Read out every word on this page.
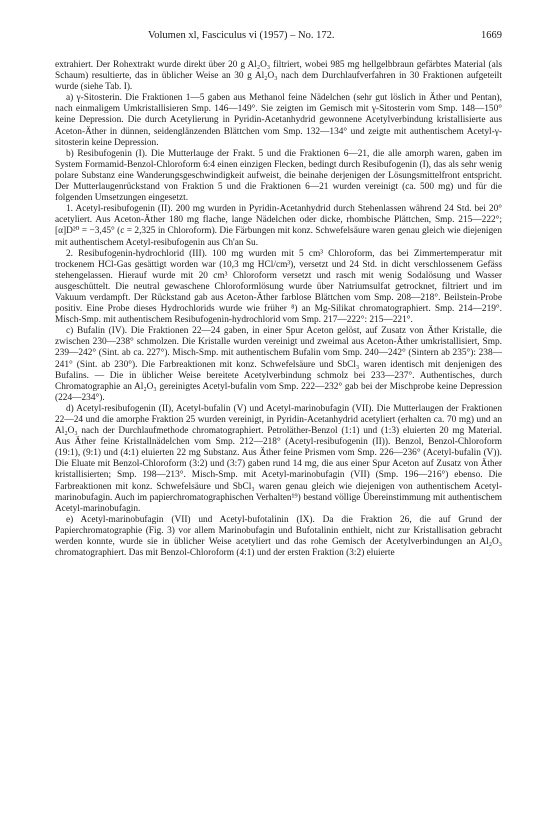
Volumen xl, Fasciculus vi (1957) – No. 172.	1669

extrahiert. Der Rohextrakt wurde direkt über 20 g Al₂O₃ filtriert, wobei 985 mg hellgelbbraun gefärbtes Material (als Schaum) resultierte, das in üblicher Weise an 30 g Al₂O₃ nach dem Durchlaufverfahren in 30 Fraktionen aufgeteilt wurde (siehe Tab. I).

a) γ-Sitosterin. Die Fraktionen 1—5 gaben aus Methanol feine Nädelchen (sehr gut löslich in Äther und Pentan), nach einmaligem Umkristallisieren Smp. 146—149°. Sie zeigten im Gemisch mit γ-Sitosterin vom Smp. 148—150° keine Depression. Die durch Acetylierung in Pyridin-Acetanhydrid gewonnene Acetylverbindung kristallisierte aus Aceton-Äther in dünnen, seidenglänzenden Blättchen vom Smp. 132—134° und zeigte mit authentischem Acetyl-γ-sitosterin keine Depression.

b) Resibufogenin (I). Die Mutterlauge der Frakt. 5 und die Fraktionen 6—21, die alle amorph waren, gaben im System Formamid-Benzol-Chloroform 6:4 einen einzigen Flecken, bedingt durch Resibufogenin (I), das als sehr wenig polare Substanz eine Wanderungsgeschwindigkeit aufweist, die beinahe derjenigen der Lösungsmittelfront entspricht. Der Mutterlaugenrückstand von Fraktion 5 und die Fraktionen 6—21 wurden vereinigt (ca. 500 mg) und für die folgenden Umsetzungen eingesetzt.

1. Acetyl-resibufogenin (II). 200 mg wurden in Pyridin-Acetanhydrid durch Stehenlassen während 24 Std. bei 20° acetyliert. Aus Aceton-Äther 180 mg flache, lange Nädelchen oder dicke, rhombische Plättchen, Smp. 215—222°; [α]D²⁰ = −3,45° (c = 2,325 in Chloroform). Die Färbungen mit konz. Schwefelsäure waren genau gleich wie diejenigen mit authentischem Acetyl-resibufogenin aus Ch'an Su.

2. Resibufogenin-hydrochlorid (III). 100 mg wurden mit 5 cm³ Chloroform, das bei Zimmertemperatur mit trockenem HCl-Gas gesättigt worden war (10,3 mg HCl/cm³), versetzt und 24 Std. in dicht verschlossenem Gefäss stehengelassen. Hierauf wurde mit 20 cm³ Chloroform versetzt und rasch mit wenig Sodalösung und Wasser ausgeschüttelt. Die neutral gewaschene Chloroformlösung wurde über Natriumsulfat getrocknet, filtriert und im Vakuum verdampft. Der Rückstand gab aus Aceton-Äther farblose Blättchen vom Smp. 208—218°. Beilstein-Probe positiv. Eine Probe dieses Hydrochlorids wurde wie früher ⁸) an Mg-Silikat chromatographiert. Smp. 214—219°. Misch-Smp. mit authentischem Resibufogenin-hydrochlorid vom Smp. 217—222°: 215—221°.

c) Bufalin (IV). Die Fraktionen 22—24 gaben, in einer Spur Aceton gelöst, auf Zusatz von Äther Kristalle, die zwischen 230—238° schmolzen. Die Kristalle wurden vereinigt und zweimal aus Aceton-Äther umkristallisiert, Smp. 239—242° (Sint. ab ca. 227°). Misch-Smp. mit authentischem Bufalin vom Smp. 240—242° (Sintern ab 235°): 238—241° (Sint. ab 230°). Die Farbreaktionen mit konz. Schwefelsäure und SbCl₃ waren identisch mit denjenigen des Bufalins. — Die in üblicher Weise bereitete Acetylverbindung schmolz bei 233—237°. Authentisches, durch Chromatographie an Al₂O₃ gereinigtes Acetyl-bufalin vom Smp. 222—232° gab bei der Mischprobe keine Depression (224—234°).

d) Acetyl-resibufogenin (II), Acetyl-bufalin (V) und Acetyl-marinobufagin (VII). Die Mutterlaugen der Fraktionen 22—24 und die amorphe Fraktion 25 wurden vereinigt, in Pyridin-Acetanhydrid acetyliert (erhalten ca. 70 mg) und an Al₂O₃ nach der Durchlaufmethode chromatographiert. Petroläther-Benzol (1:1) und (1:3) eluierten 20 mg Material. Aus Äther feine Kristallnädelchen vom Smp. 212—218° (Acetyl-resibufogenin (II)). Benzol, Benzol-Chloroform (19:1), (9:1) und (4:1) eluierten 22 mg Substanz. Aus Äther feine Prismen vom Smp. 226—236° (Acetyl-bufalin (V)). Die Eluate mit Benzol-Chloroform (3:2) und (3:7) gaben rund 14 mg, die aus einer Spur Aceton auf Zusatz von Äther kristallisierten; Smp. 198—213°. Misch-Smp. mit Acetyl-marinobufagin (VII) (Smp. 196—216°) ebenso. Die Farbreaktionen mit konz. Schwefelsäure und SbCl₃ waren genau gleich wie diejenigen von authentischem Acetyl-marinobufagin. Auch im papierchromatographischen Verhalten¹⁹) bestand völlige Übereinstimmung mit authentischem Acetyl-marinobufagin.

e) Acetyl-marinobufagin (VII) und Acetyl-bufotalinin (IX). Da die Fraktion 26, die auf Grund der Papierchromatographie (Fig. 3) vor allem Marinobufagin und Bufotalinin enthielt, nicht zur Kristallisation gebracht werden konnte, wurde sie in üblicher Weise acetyliert und das rohe Gemisch der Acetylverbindungen an Al₂O₃ chromatographiert. Das mit Benzol-Chloroform (4:1) und der ersten Fraktion (3:2) eluierte
